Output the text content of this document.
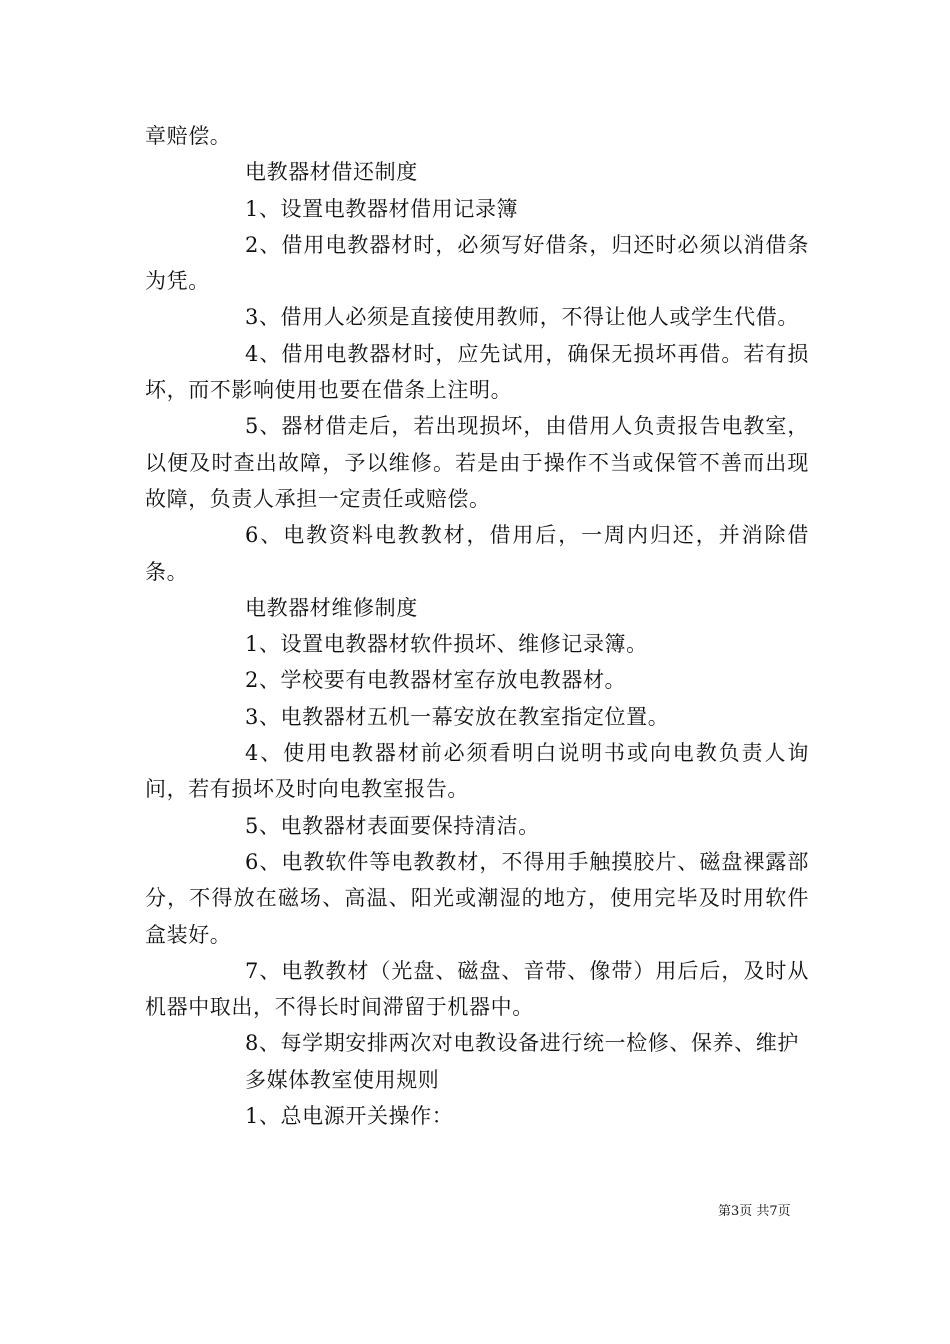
章赔偿。

电教器材借还制度

1、设置电教器材借用记录簿

2、借用电教器材时，必须写好借条，归还时必须以消借条为凭。

3、借用人必须是直接使用教师，不得让他人或学生代借。

4、借用电教器材时，应先试用，确保无损坏再借。若有损坏，而不影响使用也要在借条上注明。

5、器材借走后，若出现损坏，由借用人负责报告电教室，以便及时查出故障，予以维修。若是由于操作不当或保管不善而出现故障，负责人承担一定责任或赔偿。

6、电教资料电教教材，借用后，一周内归还，并消除借条。

电教器材维修制度

1、设置电教器材软件损坏、维修记录簿。

2、学校要有电教器材室存放电教器材。

3、电教器材五机一幕安放在教室指定位置。

4、使用电教器材前必须看明白说明书或向电教负责人询问，若有损坏及时向电教室报告。

5、电教器材表面要保持清洁。

6、电教软件等电教教材，不得用手触摸胶片、磁盘裸露部分，不得放在磁场、高温、阳光或潮湿的地方，使用完毕及时用软件盒装好。

7、电教教材（光盘、磁盘、音带、像带）用后后，及时从机器中取出，不得长时间滞留于机器中。

8、每学期安排两次对电教设备进行统一检修、保养、维护

多媒体教室使用规则

1、总电源开关操作：

第3页 共7页
